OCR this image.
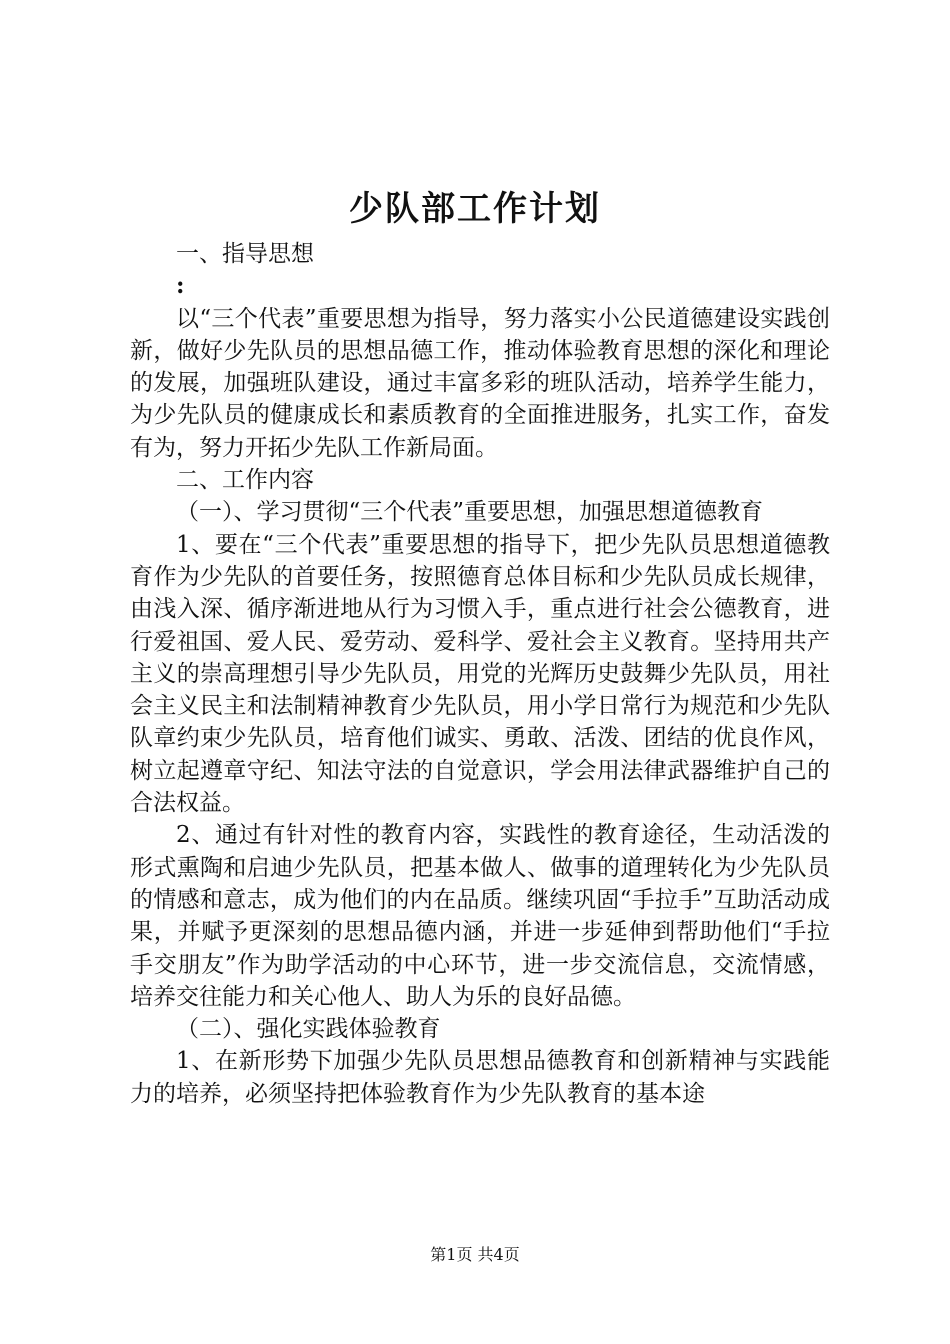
少队部工作计划

一、指导思想

:

以“三个代表”重要思想为指导，努力落实小公民道德建设实践创新，做好少先队员的思想品德工作，推动体验教育思想的深化和理论的发展，加强班队建设，通过丰富多彩的班队活动，培养学生能力，为少先队员的健康成长和素质教育的全面推进服务，扎实工作，奋发有为，努力开拓少先队工作新局面。

二、工作内容

（一）、学习贯彻“三个代表”重要思想，加强思想道德教育

1、要在“三个代表”重要思想的指导下，把少先队员思想道德教育作为少先队的首要任务，按照德育总体目标和少先队员成长规律，由浅入深、循序渐进地从行为习惯入手，重点进行社会公德教育，进行爱祖国、爱人民、爱劳动、爱科学、爱社会主义教育。坚持用共产主义的崇高理想引导少先队员，用党的光辉历史鼓舞少先队员，用社会主义民主和法制精神教育少先队员，用小学日常行为规范和少先队队章约束少先队员，培育他们诚实、勇敢、活泼、团结的优良作风，树立起遵章守纪、知法守法的自觉意识，学会用法律武器维护自己的合法权益。

2、通过有针对性的教育内容，实践性的教育途径，生动活泼的形式熏陶和启迪少先队员，把基本做人、做事的道理转化为少先队员的情感和意志，成为他们的内在品质。继续巩固“手拉手”互助活动成果，并赋予更深刻的思想品德内涵，并进一步延伸到帮助他们“手拉手交朋友”作为助学活动的中心环节，进一步交流信息，交流情感，培养交往能力和关心他人、助人为乐的良好品德。

（二）、强化实践体验教育

1、在新形势下加强少先队员思想品德教育和创新精神与实践能力的培养，必须坚持把体验教育作为少先队教育的基本途

第1页 共4页
